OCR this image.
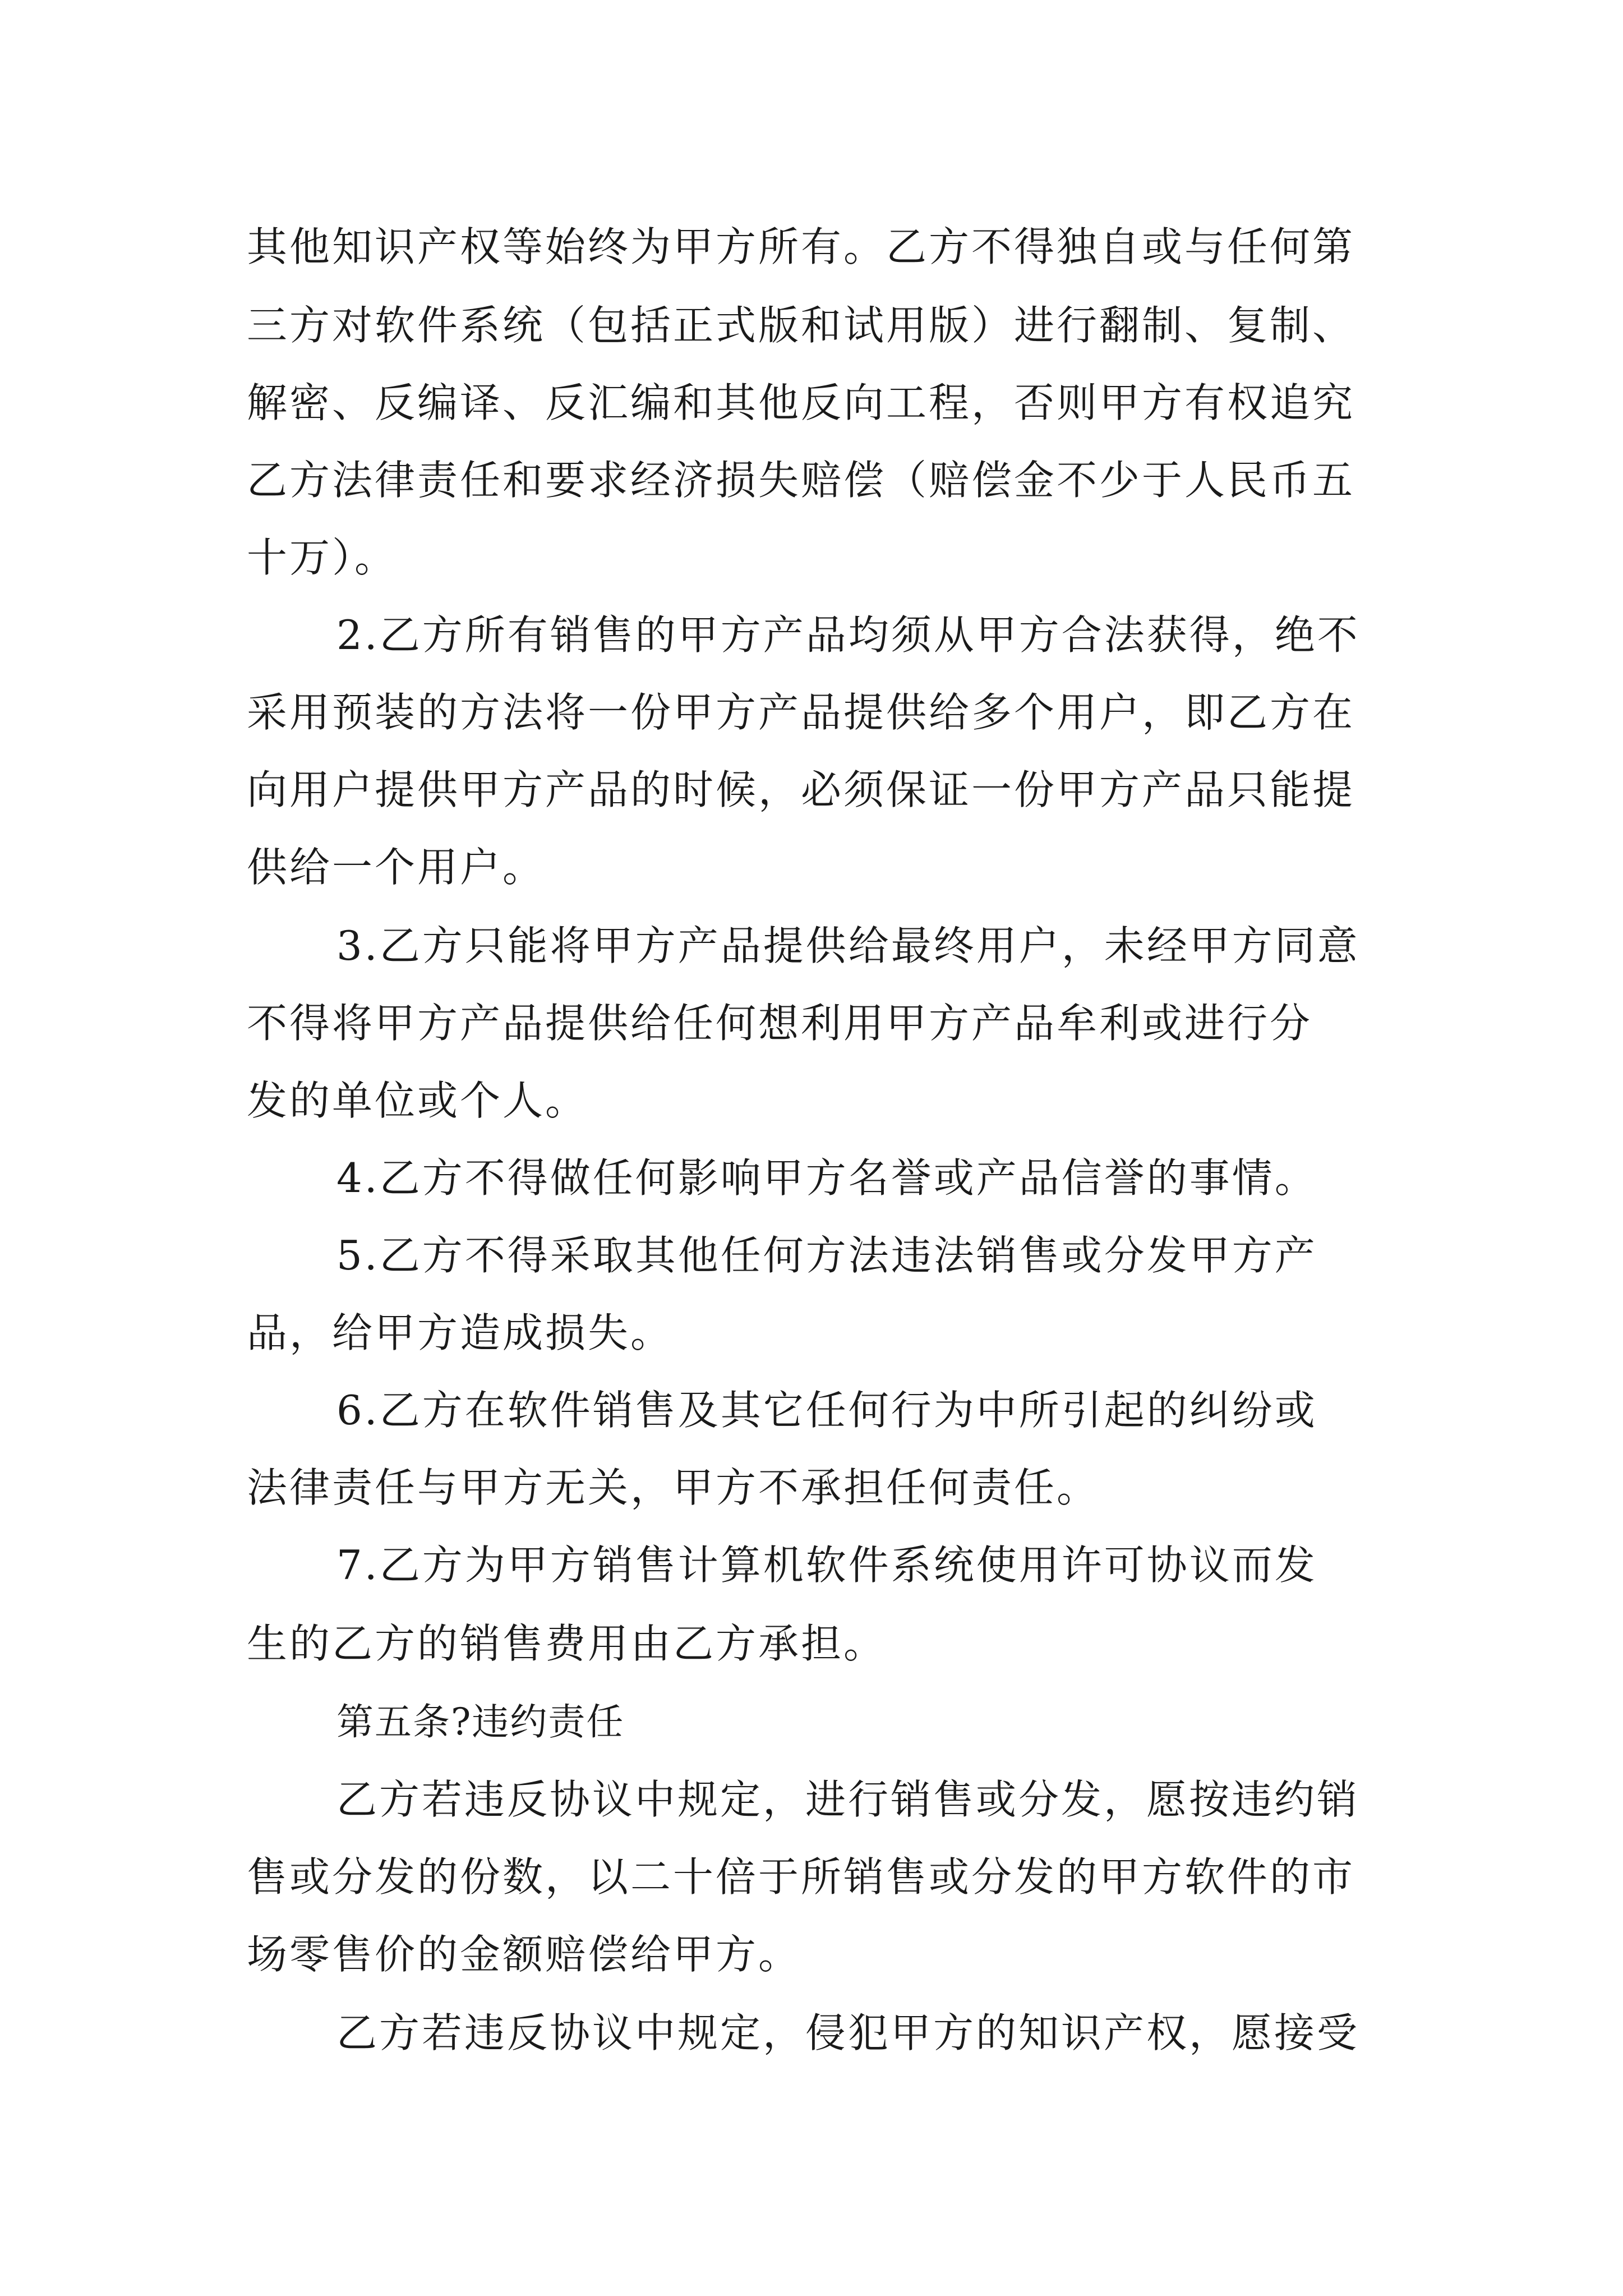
其他知识产权等始终为甲方所有。乙方不得独自或与任何第
三方对软件系统（包括正式版和试用版）进行翻制、复制、
解密、反编译、反汇编和其他反向工程，否则甲方有权追究
乙方法律责任和要求经济损失赔偿（赔偿金不少于人民币五
十万）。
2.乙方所有销售的甲方产品均须从甲方合法获得，绝不
采用预装的方法将一份甲方产品提供给多个用户，即乙方在
向用户提供甲方产品的时候，必须保证一份甲方产品只能提
供给一个用户。
3.乙方只能将甲方产品提供给最终用户，未经甲方同意
不得将甲方产品提供给任何想利用甲方产品牟利或进行分
发的单位或个人。
4.乙方不得做任何影响甲方名誉或产品信誉的事情。
5.乙方不得采取其他任何方法违法销售或分发甲方产
品，给甲方造成损失。
6.乙方在软件销售及其它任何行为中所引起的纠纷或
法律责任与甲方无关，甲方不承担任何责任。
7.乙方为甲方销售计算机软件系统使用许可协议而发
生的乙方的销售费用由乙方承担。
第五条?违约责任
乙方若违反协议中规定，进行销售或分发，愿按违约销
售或分发的份数，以二十倍于所销售或分发的甲方软件的市
场零售价的金额赔偿给甲方。
乙方若违反协议中规定，侵犯甲方的知识产权，愿接受
